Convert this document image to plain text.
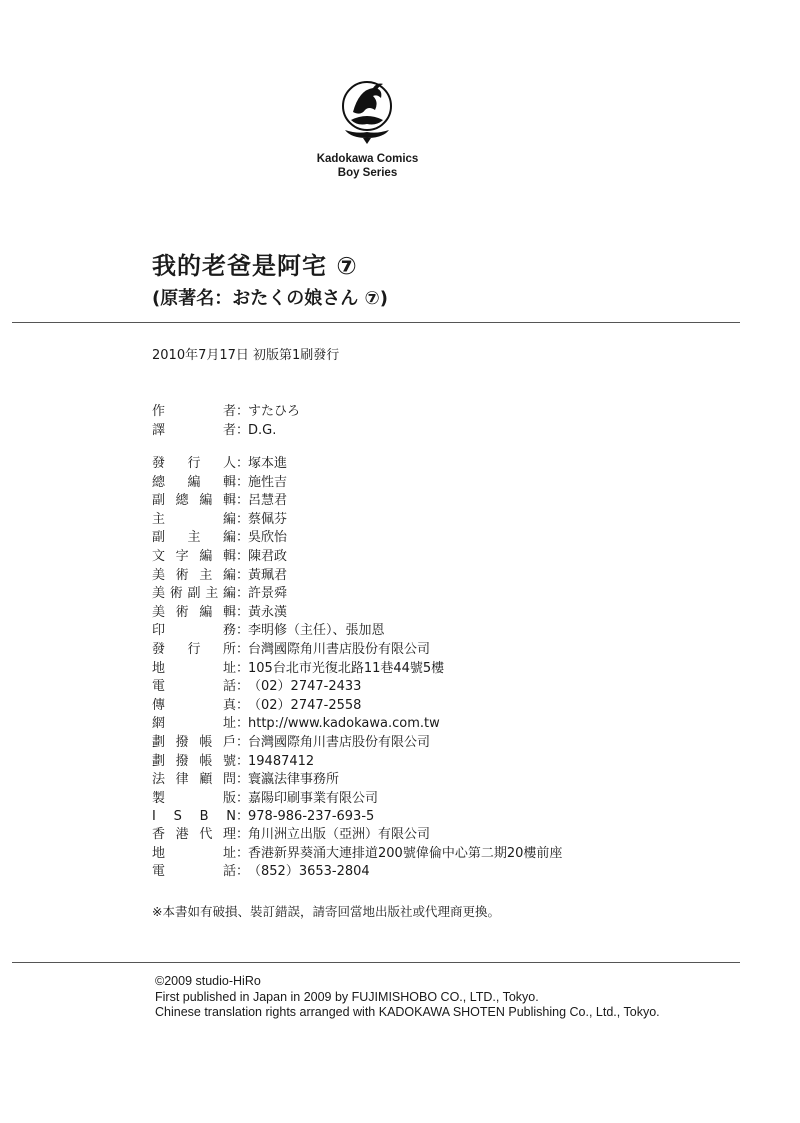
Kadokawa Comics
Boy Series
我的老爸是阿宅 ⑦
(原著名：おたくの娘さん ⑦)
2010年7月17日 初版第1刷發行
作	者 ：
すたひろ
譯	者 ：
D.G.
發 行 人 ：
塚本進
總 編 輯 ：
施性吉
副 總 編 輯 ：
呂慧君
主	編 ：
蔡佩芬
副 主 編 ：
吳欣怡
文 字 編 輯 ：
陳君政
美 術 主 編 ：
黃珮君
美 術 副 主 編 ：
許景舜
美 術 編 輯 ：
黃永漢
印	務 ：
李明修（主任）、張加恩
發 行 所 ：
台灣國際角川書店股份有限公司
地	址 ：
105台北市光復北路11巷44號5樓
電	話 ：
（02）2747-2433
傳	真 ：
（02）2747-2558
網	址 ：
http://www.kadokawa.com.tw
劃 撥 帳 戶 ：
台灣國際角川書店股份有限公司
劃 撥 帳 號 ：
19487412
法 律 顧 問 ：
寰瀛法律事務所
製	版 ：
嘉陽印刷事業有限公司
I S B N ：
978-986-237-693-5
香 港 代 理 ：
角川洲立出版（亞洲）有限公司
地	址 ：
香港新界葵涌大連排道200號偉倫中心第二期20樓前座
電	話 ：
（852）3653-2804
※本書如有破損、裝訂錯誤，請寄回當地出版社或代理商更換。
©2009 studio-HiRo
First published in Japan in 2009 by FUJIMISHOBO CO., LTD., Tokyo.
Chinese translation rights arranged with KADOKAWA SHOTEN Publishing Co., Ltd., Tokyo.
